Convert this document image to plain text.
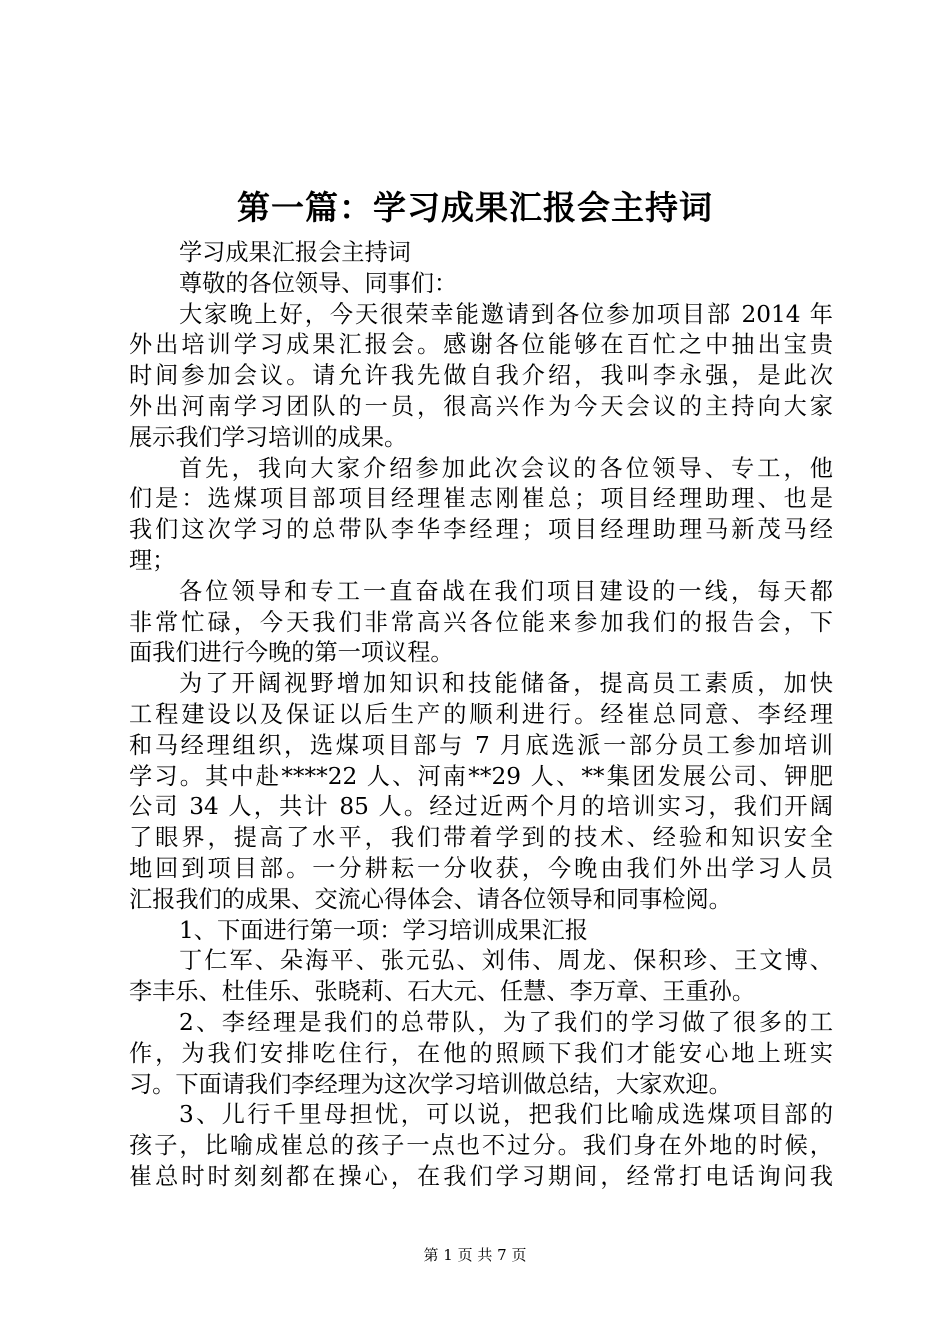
第一篇：学习成果汇报会主持词
学习成果汇报会主持词
尊敬的各位领导、同事们：
大家晚上好，今天很荣幸能邀请到各位参加项目部 2014 年
外出培训学习成果汇报会。感谢各位能够在百忙之中抽出宝贵
时间参加会议。请允许我先做自我介绍，我叫李永强，是此次
外出河南学习团队的一员，很高兴作为今天会议的主持向大家
展示我们学习培训的成果。
首先，我向大家介绍参加此次会议的各位领导、专工，他
们是：选煤项目部项目经理崔志刚崔总；项目经理助理、也是
我们这次学习的总带队李华李经理；项目经理助理马新茂马经
理；
各位领导和专工一直奋战在我们项目建设的一线，每天都
非常忙碌，今天我们非常高兴各位能来参加我们的报告会，下
面我们进行今晚的第一项议程。
为了开阔视野增加知识和技能储备，提高员工素质，加快
工程建设以及保证以后生产的顺利进行。经崔总同意、李经理
和马经理组织，选煤项目部与 7 月底选派一部分员工参加培训
学习。其中赴****22 人、河南**29 人、**集团发展公司、钾肥
公司 34 人，共计 85 人。经过近两个月的培训实习，我们开阔
了眼界，提高了水平，我们带着学到的技术、经验和知识安全
地回到项目部。一分耕耘一分收获，今晚由我们外出学习人员
汇报我们的成果、交流心得体会、请各位领导和同事检阅。
1、下面进行第一项：学习培训成果汇报
丁仁军、朵海平、张元弘、刘伟、周龙、保积珍、王文博、
李丰乐、杜佳乐、张晓莉、石大元、任慧、李万章、王重孙。
2、李经理是我们的总带队，为了我们的学习做了很多的工
作，为我们安排吃住行，在他的照顾下我们才能安心地上班实
习。下面请我们李经理为这次学习培训做总结，大家欢迎。
3、儿行千里母担忧，可以说，把我们比喻成选煤项目部的
孩子，比喻成崔总的孩子一点也不过分。我们身在外地的时候，
崔总时时刻刻都在操心，在我们学习期间，经常打电话询问我
第 1 页 共 7 页
